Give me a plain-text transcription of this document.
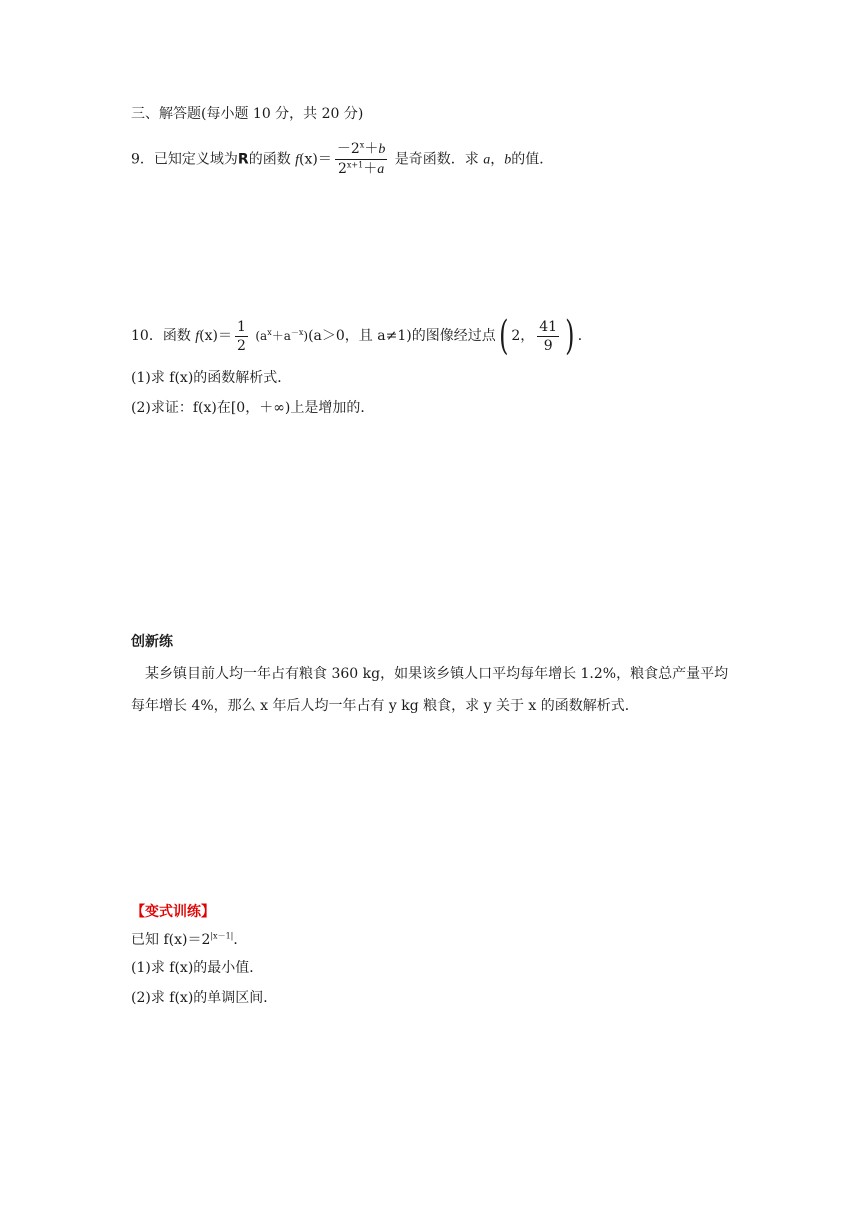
三、解答题(每小题 10 分，共 20 分)
9．已知定义域为R的函数 $f(x)= \frac{-2^x+b}{2^{x+1}+a}$ 是奇函数．求 a，b的值．
10．函数 $f(x)= \frac{1}{2} (a^x+a^{-x})(a>0$，且 a≠1)的图像经过点( 2， $\frac{41}{9}$ ) ．
(1)求 f(x)的函数解析式．
(2)求证：f(x)在[0，＋∞)上是增加的．
创新练
某乡镇目前人均一年占有粮食 360 kg，如果该乡镇人口平均每年增长 1.2%，粮食总产量平均每年增长 4%，那么 x 年后人均一年占有 y kg 粮食，求 y 关于 x 的函数解析式．
【变式训练】
已知 $f(x)=2^{|x-1|}$．
(1)求 f(x)的最小值．
(2)求 f(x)的单调区间．
